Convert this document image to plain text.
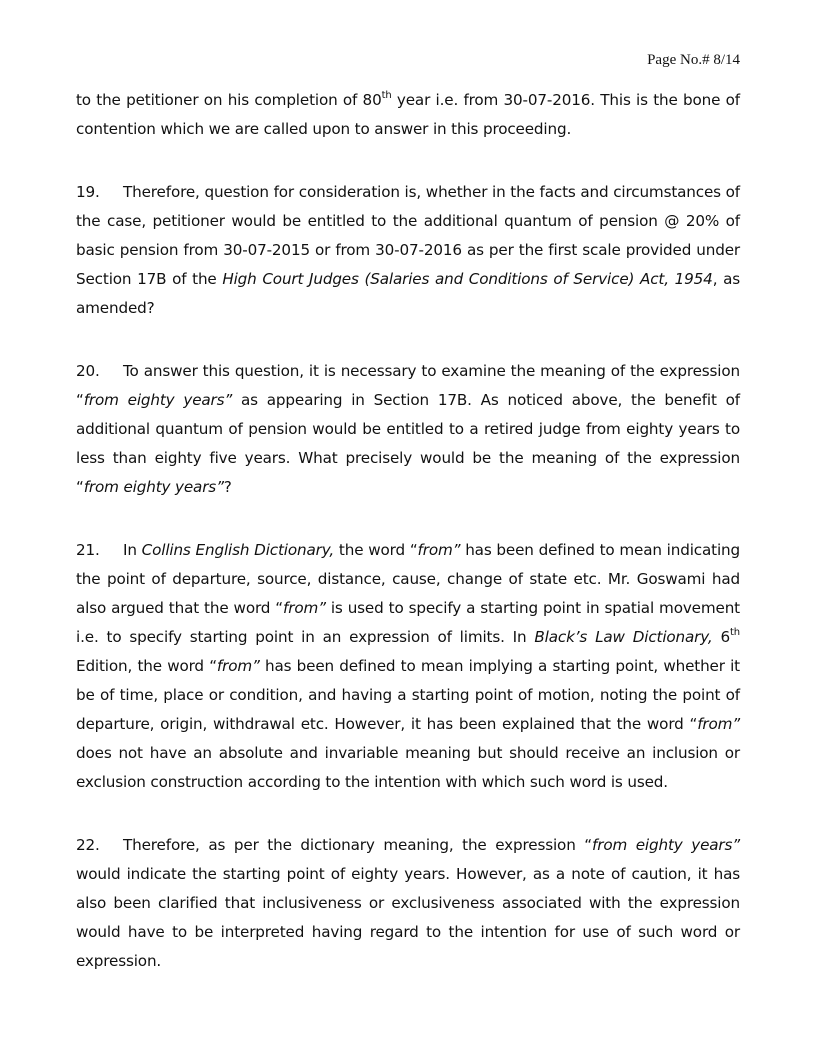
Page No.# 8/14

to the petitioner on his completion of 80th year i.e. from 30-07-2016. This is the bone of contention which we are called upon to answer in this proceeding.

19. Therefore, question for consideration is, whether in the facts and circumstances of the case, petitioner would be entitled to the additional quantum of pension @ 20% of basic pension from 30-07-2015 or from 30-07-2016 as per the first scale provided under Section 17B of the High Court Judges (Salaries and Conditions of Service) Act, 1954, as amended?

20. To answer this question, it is necessary to examine the meaning of the expression “from eighty years” as appearing in Section 17B. As noticed above, the benefit of additional quantum of pension would be entitled to a retired judge from eighty years to less than eighty five years. What precisely would be the meaning of the expression “from eighty years”?

21. In Collins English Dictionary, the word “from” has been defined to mean indicating the point of departure, source, distance, cause, change of state etc. Mr. Goswami had also argued that the word “from” is used to specify a starting point in spatial movement i.e. to specify starting point in an expression of limits. In Black’s Law Dictionary, 6th Edition, the word “from” has been defined to mean implying a starting point, whether it be of time, place or condition, and having a starting point of motion, noting the point of departure, origin, withdrawal etc. However, it has been explained that the word “from” does not have an absolute and invariable meaning but should receive an inclusion or exclusion construction according to the intention with which such word is used.

22. Therefore, as per the dictionary meaning, the expression “from eighty years” would indicate the starting point of eighty years. However, as a note of caution, it has also been clarified that inclusiveness or exclusiveness associated with the expression would have to be interpreted having regard to the intention for use of such word or expression.
